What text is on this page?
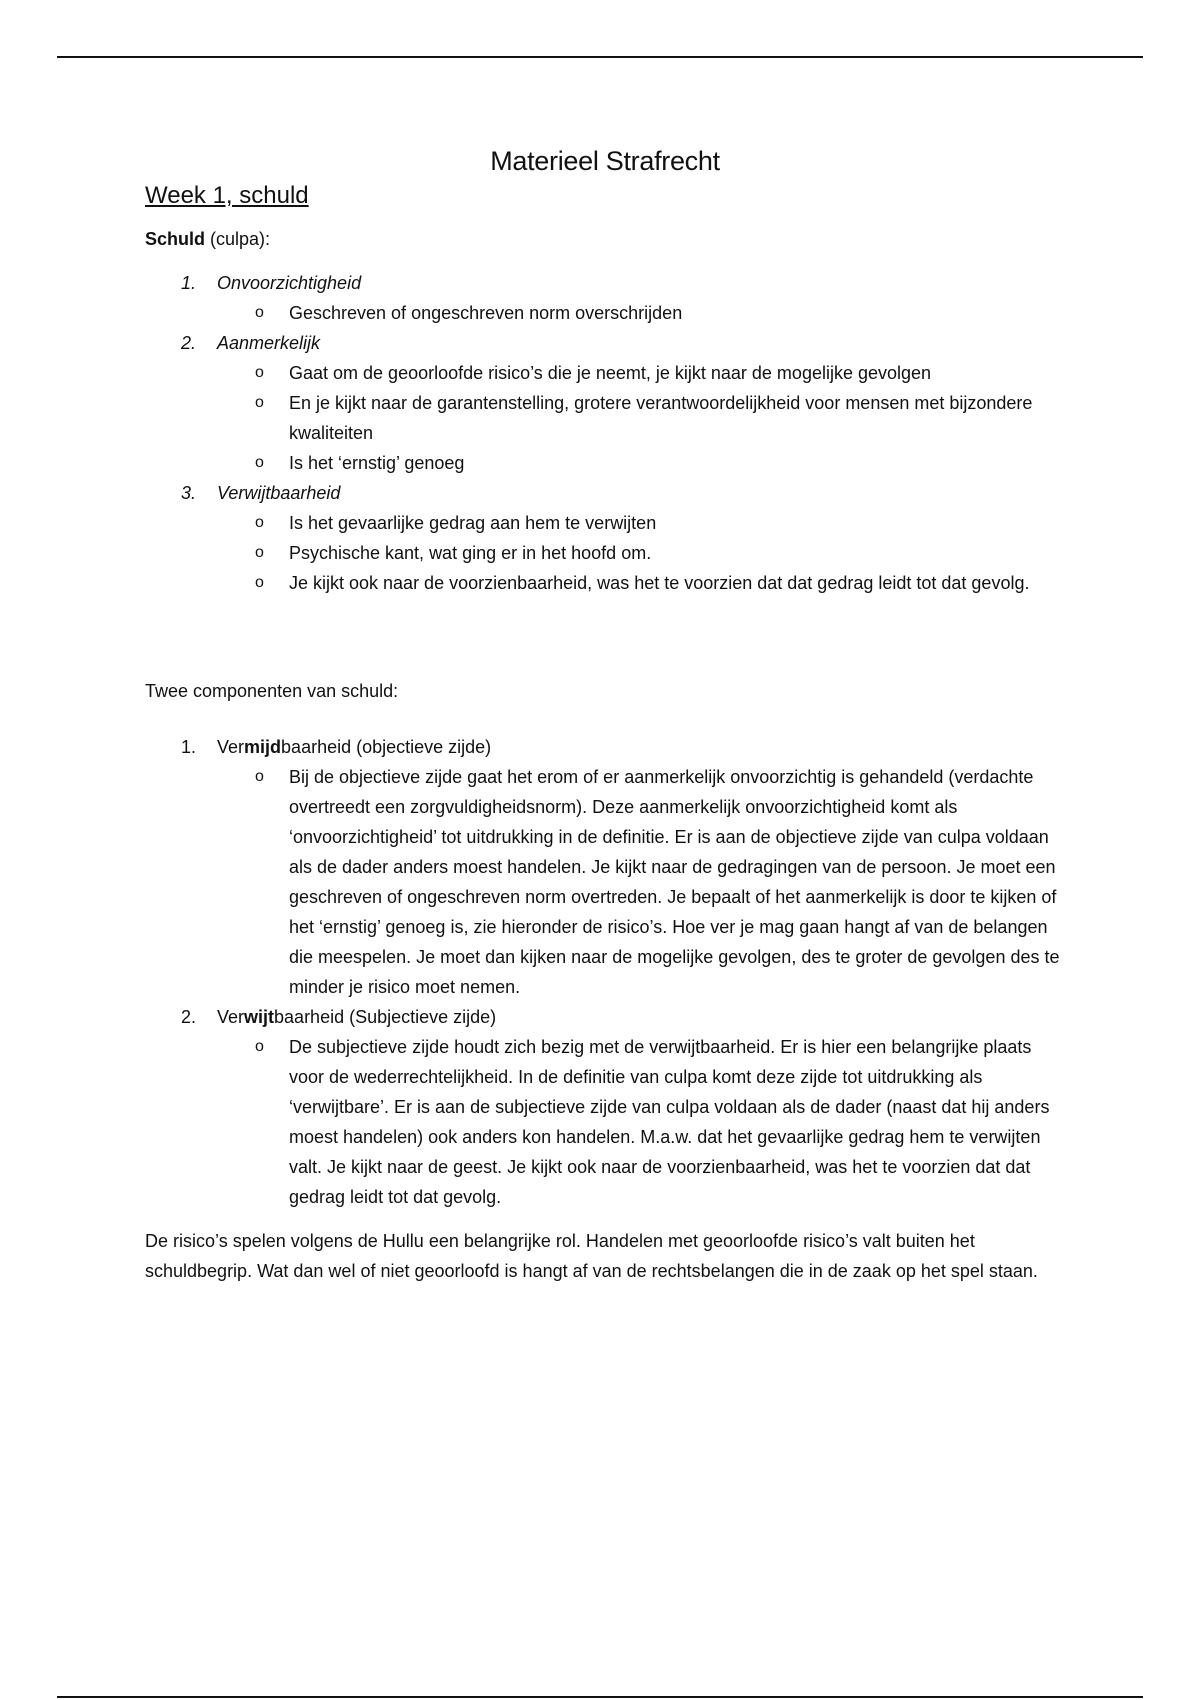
Materieel Strafrecht
Week 1, schuld

Schuld (culpa):

1. Onvoorzichtigheid
o Geschreven of ongeschreven norm overschrijden
2. Aanmerkelijk
o Gaat om de geoorloofde risico’s die je neemt, je kijkt naar de mogelijke gevolgen
o En je kijkt naar de garantenstelling, grotere verantwoordelijkheid voor mensen met bijzondere kwaliteiten
o Is het ‘ernstig’ genoeg
3. Verwijtbaarheid
o Is het gevaarlijke gedrag aan hem te verwijten
o Psychische kant, wat ging er in het hoofd om.
o Je kijkt ook naar de voorzienbaarheid, was het te voorzien dat dat gedrag leidt tot dat gevolg.

Twee componenten van schuld:

1. Vermijdbaarheid (objectieve zijde)
o Bij de objectieve zijde gaat het erom of er aanmerkelijk onvoorzichtig is gehandeld (verdachte overtreedt een zorgvuldigheidsnorm). Deze aanmerkelijk onvoorzichtigheid komt als ‘onvoorzichtigheid’ tot uitdrukking in de definitie. Er is aan de objectieve zijde van culpa voldaan als de dader anders moest handelen. Je kijkt naar de gedragingen van de persoon. Je moet een geschreven of ongeschreven norm overtreden. Je bepaalt of het aanmerkelijk is door te kijken of het ‘ernstig’ genoeg is, zie hieronder de risico’s. Hoe ver je mag gaan hangt af van de belangen die meespelen. Je moet dan kijken naar de mogelijke gevolgen, des te groter de gevolgen des te minder je risico moet nemen.
2. Verwijtbaarheid (Subjectieve zijde)
o De subjectieve zijde houdt zich bezig met de verwijtbaarheid. Er is hier een belangrijke plaats voor de wederrechtelijkheid. In de definitie van culpa komt deze zijde tot uitdrukking als ‘verwijtbare’. Er is aan de subjectieve zijde van culpa voldaan als de dader (naast dat hij anders moest handelen) ook anders kon handelen. M.a.w. dat het gevaarlijke gedrag hem te verwijten valt. Je kijkt naar de geest. Je kijkt ook naar de voorzienbaarheid, was het te voorzien dat dat gedrag leidt tot dat gevolg.

De risico’s spelen volgens de Hullu een belangrijke rol. Handelen met geoorloofde risico’s valt buiten het schuldbegrip. Wat dan wel of niet geoorloofd is hangt af van de rechtsbelangen die in de zaak op het spel staan.
